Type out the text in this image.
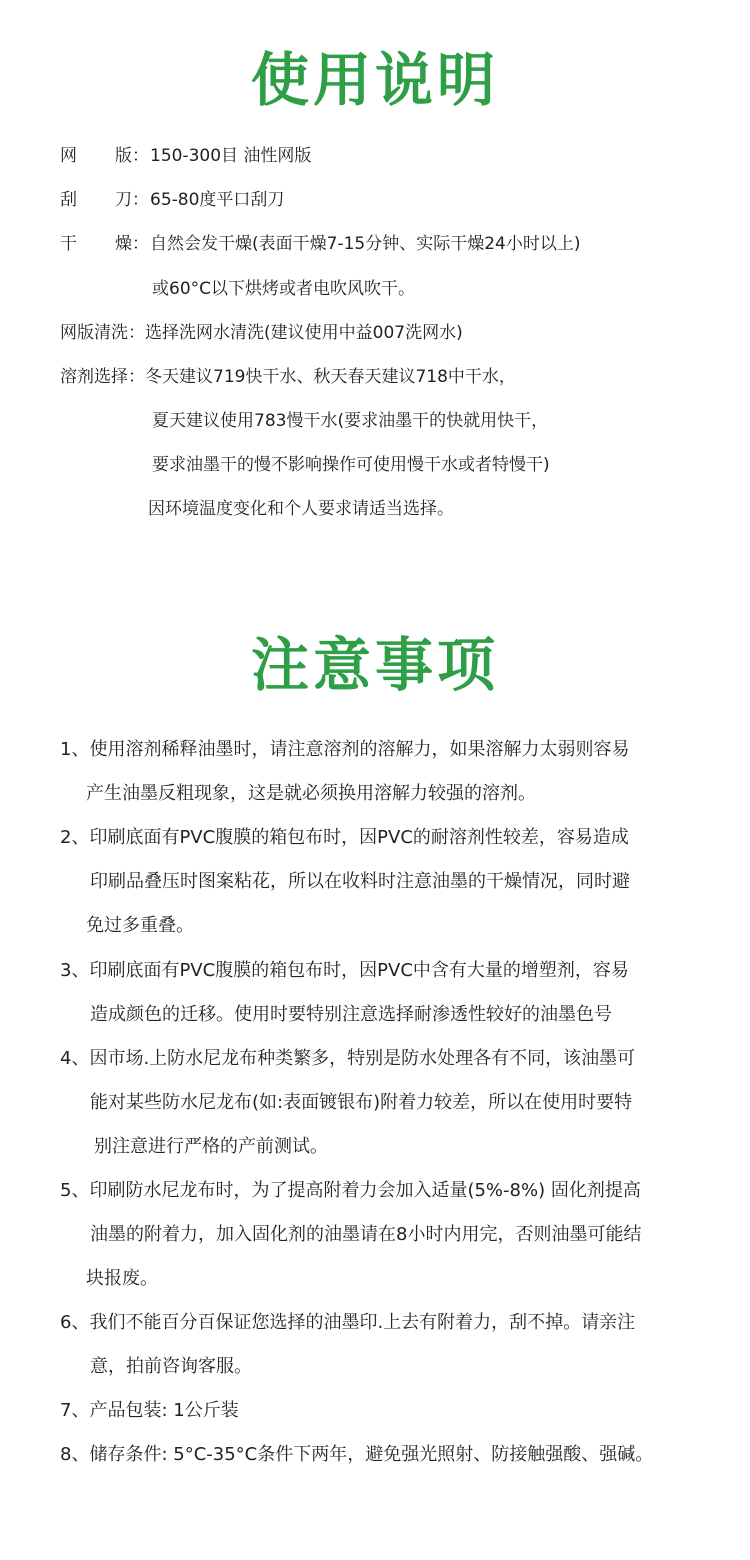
使用说明

网 版：150-300目 油性网版

刮 刀：65-80度平口刮刀

干 燥：自然会发干燥(表面干燥7-15分钟、实际干燥24小时以上)

或60°C以下烘烤或者电吹风吹干。

网版清洗：选择洗网水清洗(建议使用中益007洗网水)

溶剂选择：冬天建议719快干水、秋天春天建议718中干水，

夏天建议使用783慢干水(要求油墨干的快就用快干，

要求油墨干的慢不影响操作可使用慢干水或者特慢干)

因环境温度变化和个人要求请适当选择。

注意事项

1、使用溶剂稀释油墨时，请注意溶剂的溶解力，如果溶解力太弱则容易

产生油墨反粗现象，这是就必须换用溶解力较强的溶剂。

2、印刷底面有PVC腹膜的箱包布时，因PVC的耐溶剂性较差，容易造成

印刷品叠压时图案粘花，所以在收料时注意油墨的干燥情况，同时避

免过多重叠。

3、印刷底面有PVC腹膜的箱包布时，因PVC中含有大量的增塑剂，容易

造成颜色的迁移。使用时要特别注意选择耐渗透性较好的油墨色号

4、因市场.上防水尼龙布种类繁多，特别是防水处理各有不同，该油墨可

能对某些防水尼龙布(如:表面镀银布)附着力较差，所以在使用时要特

别注意进行严格的产前测试。

5、印刷防水尼龙布时，为了提高附着力会加入适量(5%-8%) 固化剂提高

油墨的附着力，加入固化剂的油墨请在8小时内用完，否则油墨可能结

块报废。

6、我们不能百分百保证您选择的油墨印.上去有附着力，刮不掉。请亲注

意，拍前咨询客服。

7、产品包装: 1公斤装

8、储存条件: 5°C-35°C条件下两年，避免强光照射、防接触强酸、强碱。
